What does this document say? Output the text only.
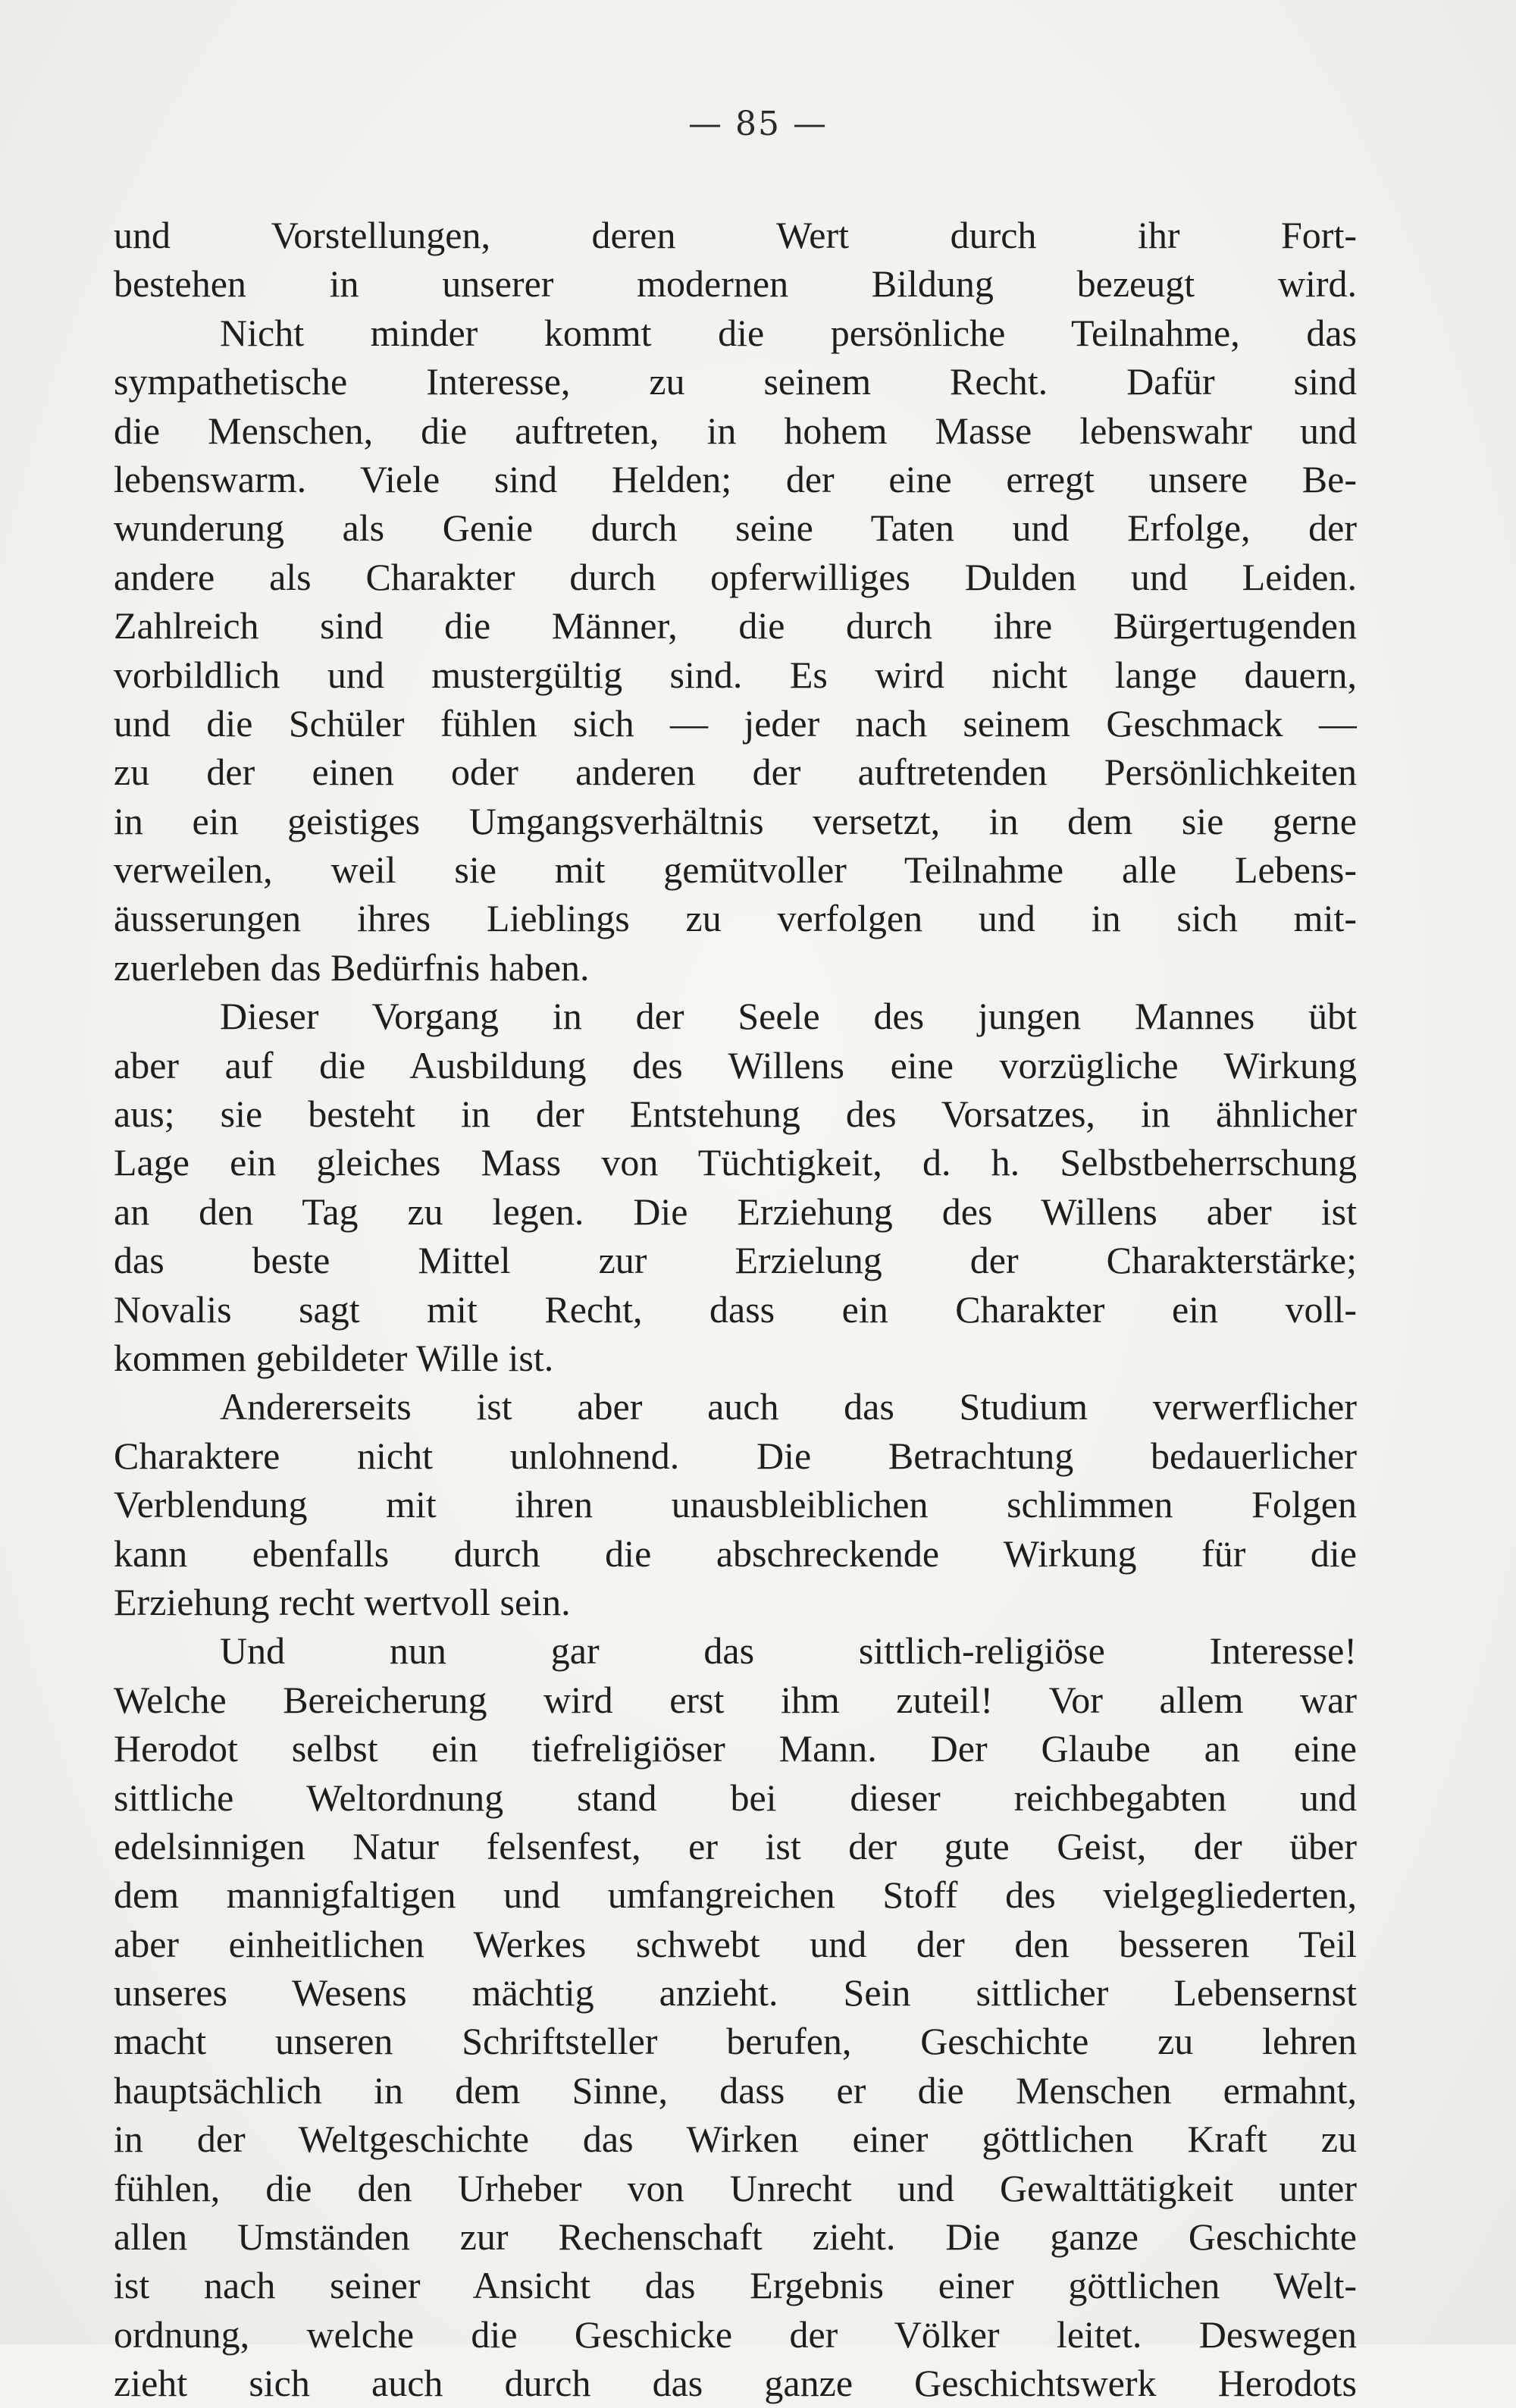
— 85 —
und Vorstellungen, deren Wert durch ihr Fort-
bestehen in unserer modernen Bildung bezeugt wird.
Nicht minder kommt die persönliche Teilnahme, das
sympathetische Interesse, zu seinem Recht. Dafür sind
die Menschen, die auftreten, in hohem Masse lebenswahr und
lebenswarm. Viele sind Helden; der eine erregt unsere Be-
wunderung als Genie durch seine Taten und Erfolge, der
andere als Charakter durch opferwilliges Dulden und Leiden.
Zahlreich sind die Männer, die durch ihre Bürgertugenden
vorbildlich und mustergültig sind. Es wird nicht lange dauern,
und die Schüler fühlen sich — jeder nach seinem Geschmack —
zu der einen oder anderen der auftretenden Persönlichkeiten
in ein geistiges Umgangsverhältnis versetzt, in dem sie gerne
verweilen, weil sie mit gemütvoller Teilnahme alle Lebens-
äusserungen ihres Lieblings zu verfolgen und in sich mit-
zuerleben das Bedürfnis haben.
Dieser Vorgang in der Seele des jungen Mannes übt
aber auf die Ausbildung des Willens eine vorzügliche Wirkung
aus; sie besteht in der Entstehung des Vorsatzes, in ähnlicher
Lage ein gleiches Mass von Tüchtigkeit, d. h. Selbstbeherrschung
an den Tag zu legen. Die Erziehung des Willens aber ist
das beste Mittel zur Erzielung der Charakterstärke;
Novalis sagt mit Recht, dass ein Charakter ein voll-
kommen gebildeter Wille ist.
Andererseits ist aber auch das Studium verwerflicher
Charaktere nicht unlohnend. Die Betrachtung bedauerlicher
Verblendung mit ihren unausbleiblichen schlimmen Folgen
kann ebenfalls durch die abschreckende Wirkung für die
Erziehung recht wertvoll sein.
Und nun gar das sittlich-religiöse Interesse!
Welche Bereicherung wird erst ihm zuteil! Vor allem war
Herodot selbst ein tiefreligiöser Mann. Der Glaube an eine
sittliche Weltordnung stand bei dieser reichbegabten und
edelsinnigen Natur felsenfest, er ist der gute Geist, der über
dem mannigfaltigen und umfangreichen Stoff des vielgegliederten,
aber einheitlichen Werkes schwebt und der den besseren Teil
unseres Wesens mächtig anzieht. Sein sittlicher Lebensernst
macht unseren Schriftsteller berufen, Geschichte zu lehren
hauptsächlich in dem Sinne, dass er die Menschen ermahnt,
in der Weltgeschichte das Wirken einer göttlichen Kraft zu
fühlen, die den Urheber von Unrecht und Gewalttätigkeit unter
allen Umständen zur Rechenschaft zieht. Die ganze Geschichte
ist nach seiner Ansicht das Ergebnis einer göttlichen Welt-
ordnung, welche die Geschicke der Völker leitet. Deswegen
zieht sich auch durch das ganze Geschichtswerk Herodots
